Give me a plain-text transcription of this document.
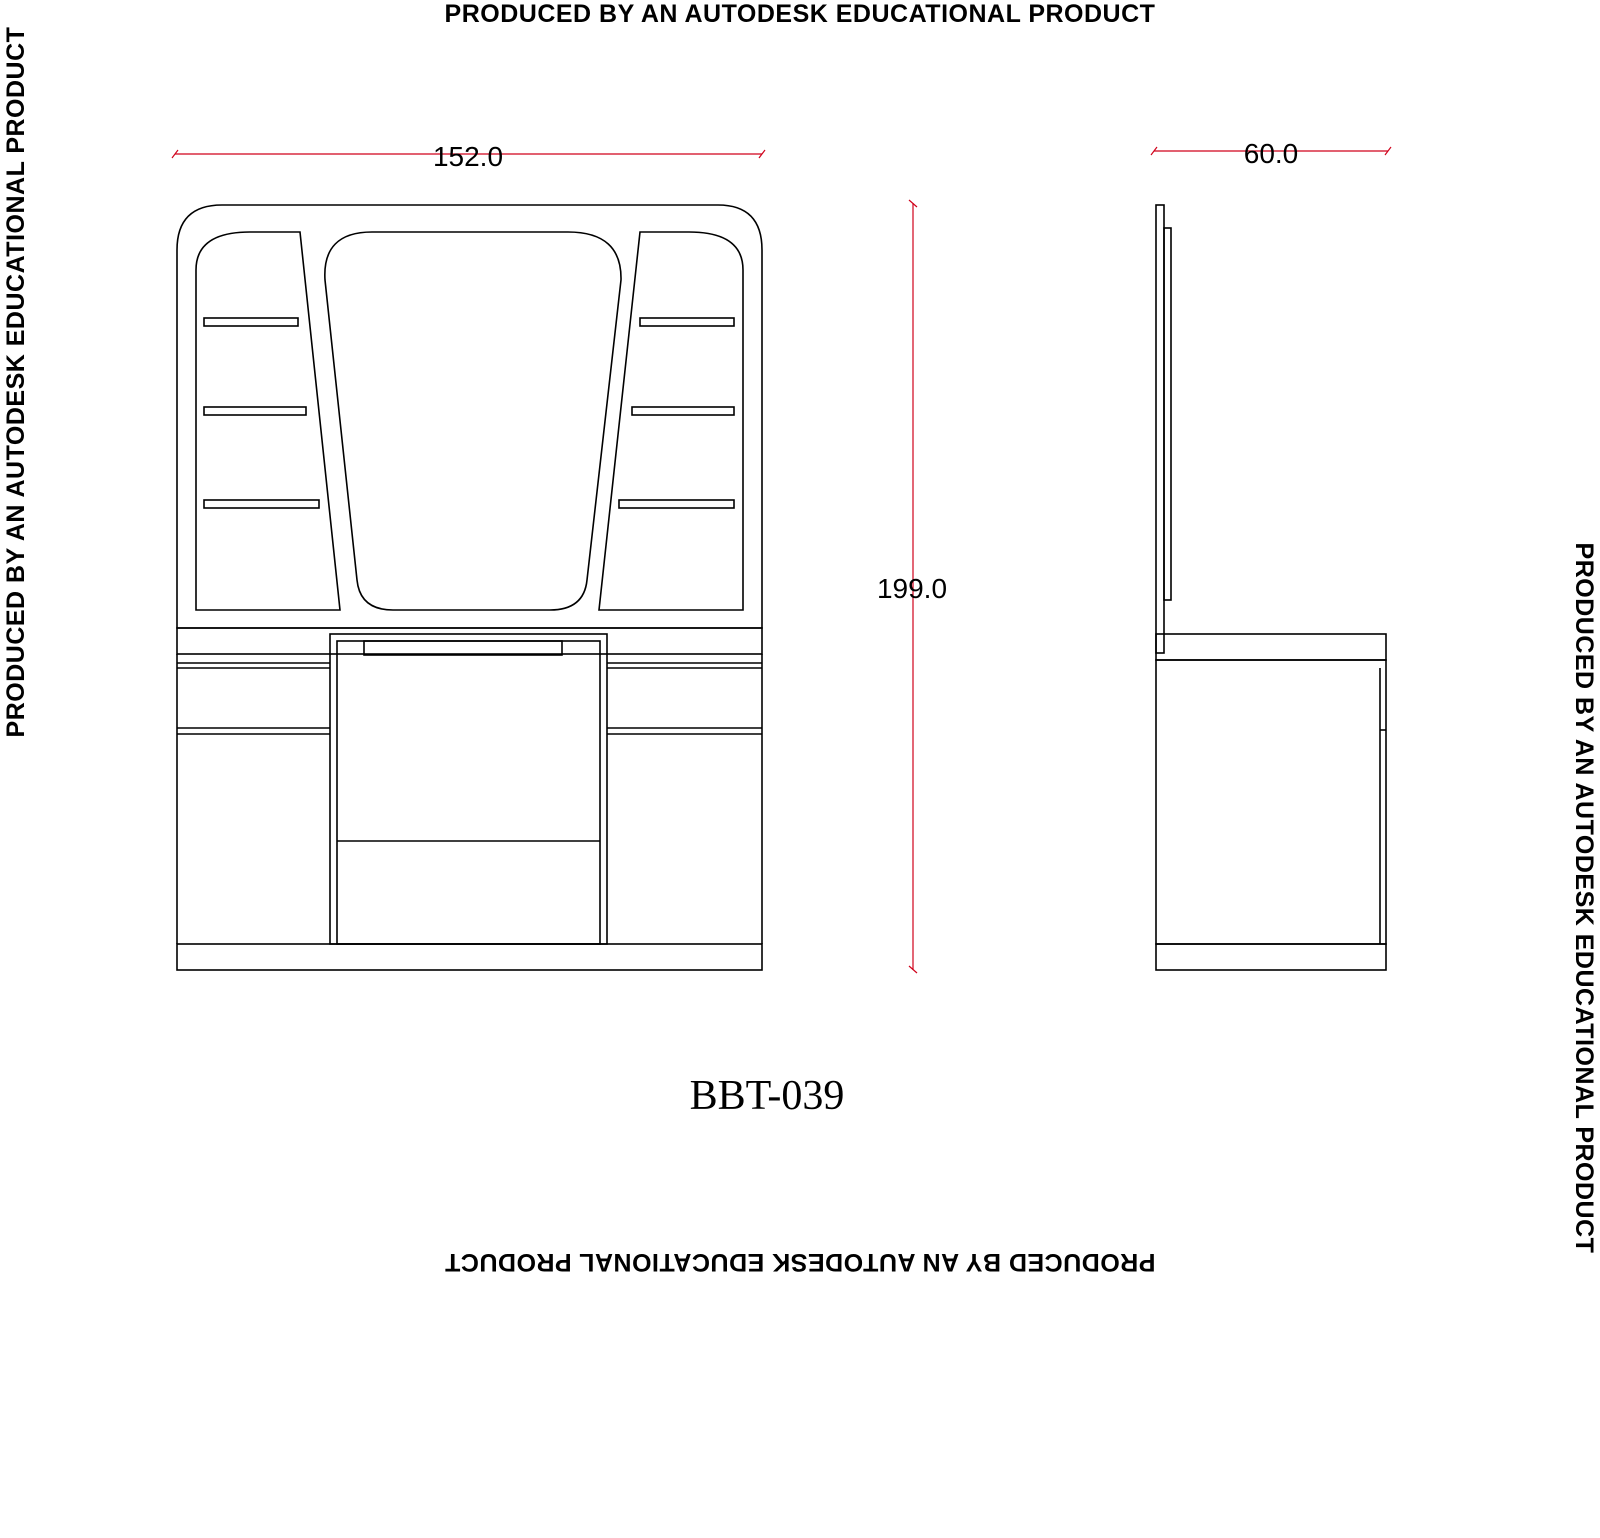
PRODUCED BY AN AUTODESK EDUCATIONAL PRODUCT
PRODUCED BY AN AUTODESK EDUCATIONAL PRODUCT
PRODUCED BY AN AUTODESK EDUCATIONAL PRODUCT
PRODUCED BY AN AUTODESK EDUCATIONAL PRODUCT
152.0
199.0
60.0
BBT-039
